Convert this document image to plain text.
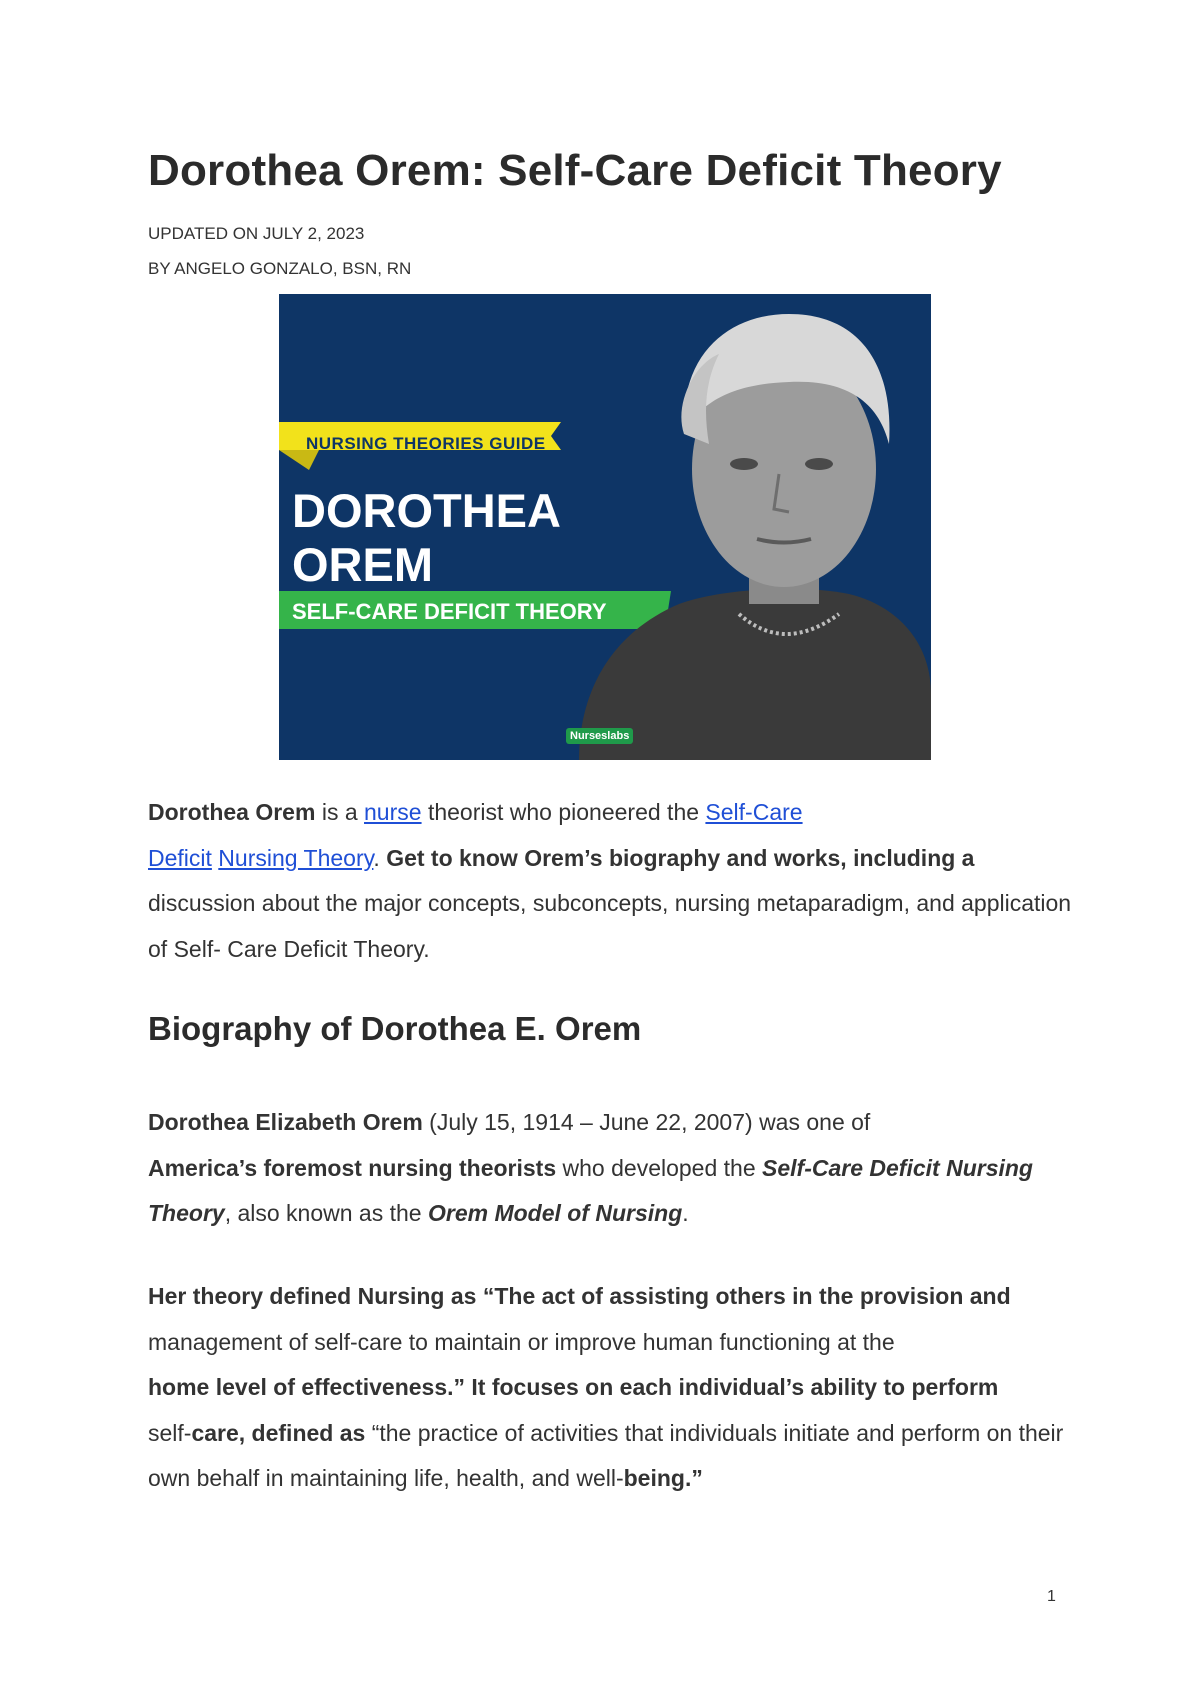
Dorothea Orem: Self-Care Deficit Theory
UPDATED ON JULY 2, 2023
BY ANGELO GONZALO, BSN, RN
NURSING THEORIES GUIDE
DOROTHEA
OREM
SELF-CARE DEFICIT THEORY
Nurseslabs

Dorothea Orem is a nurse theorist who pioneered the Self-Care
Deficit Nursing Theory. Get to know Orem’s biography and works, including a
discussion about the major concepts, subconcepts, nursing metaparadigm, and application of Self- Care Deficit Theory.

Biography of Dorothea E. Orem

Dorothea Elizabeth Orem (July 15, 1914 – June 22, 2007) was one of
America’s foremost nursing theorists who developed the Self-Care Deficit Nursing Theory, also known as the Orem Model of Nursing.

Her theory defined Nursing as “The act of assisting others in the provision and
management of self-care to maintain or improve human functioning at the
home level of effectiveness.” It focuses on each individual’s ability to perform
self-care, defined as “the practice of activities that individuals initiate and perform on their own behalf in maintaining life, health, and well-being.”

1
